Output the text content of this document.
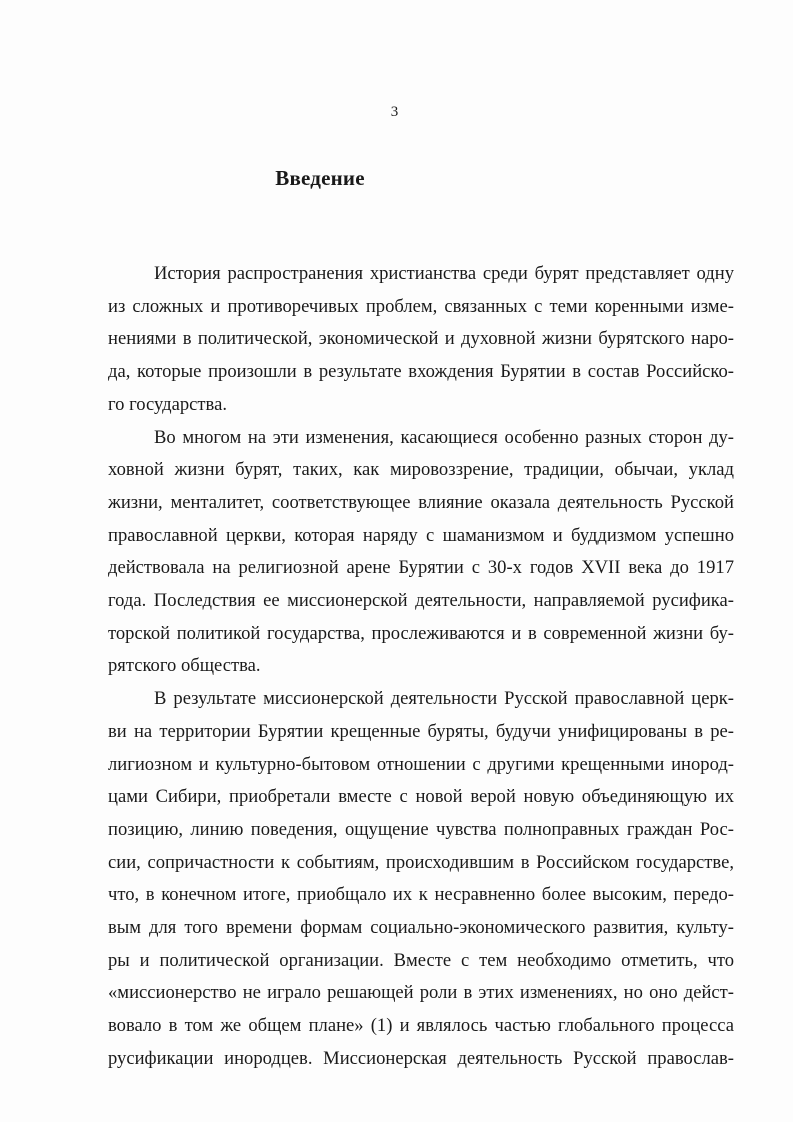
3
Введение
История распространения христианства среди бурят представляет одну
из сложных и противоречивых проблем, связанных с теми коренными изме-
нениями в политической, экономической и духовной жизни бурятского наро-
да, которые произошли в результате вхождения Бурятии в состав Российско-
го государства.
Во многом на эти изменения, касающиеся особенно разных сторон ду-
ховной жизни бурят, таких, как мировоззрение, традиции, обычаи, уклад
жизни, менталитет, соответствующее влияние оказала деятельность Русской
православной церкви, которая наряду с шаманизмом и буддизмом успешно
действовала на религиозной арене Бурятии с 30-х годов XVII века до 1917
года. Последствия ее миссионерской деятельности, направляемой русифика-
торской политикой государства, прослеживаются и в современной жизни бу-
рятского общества.
В результате миссионерской деятельности Русской православной церк-
ви на территории Бурятии крещенные буряты, будучи унифицированы в ре-
лигиозном и культурно-бытовом отношении с другими крещенными инород-
цами Сибири, приобретали вместе с новой верой новую объединяющую их
позицию, линию поведения, ощущение чувства полноправных граждан Рос-
сии, сопричастности к событиям, происходившим в Российском государстве,
что, в конечном итоге, приобщало их к несравненно более высоким, передо-
вым для того времени формам социально-экономического развития, культу-
ры и политической организации. Вместе с тем необходимо отметить, что
«миссионерство не играло решающей роли в этих изменениях, но оно дейст-
вовало в том же общем плане» (1) и являлось частью глобального процесса
русификации инородцев. Миссионерская деятельность Русской православ-
